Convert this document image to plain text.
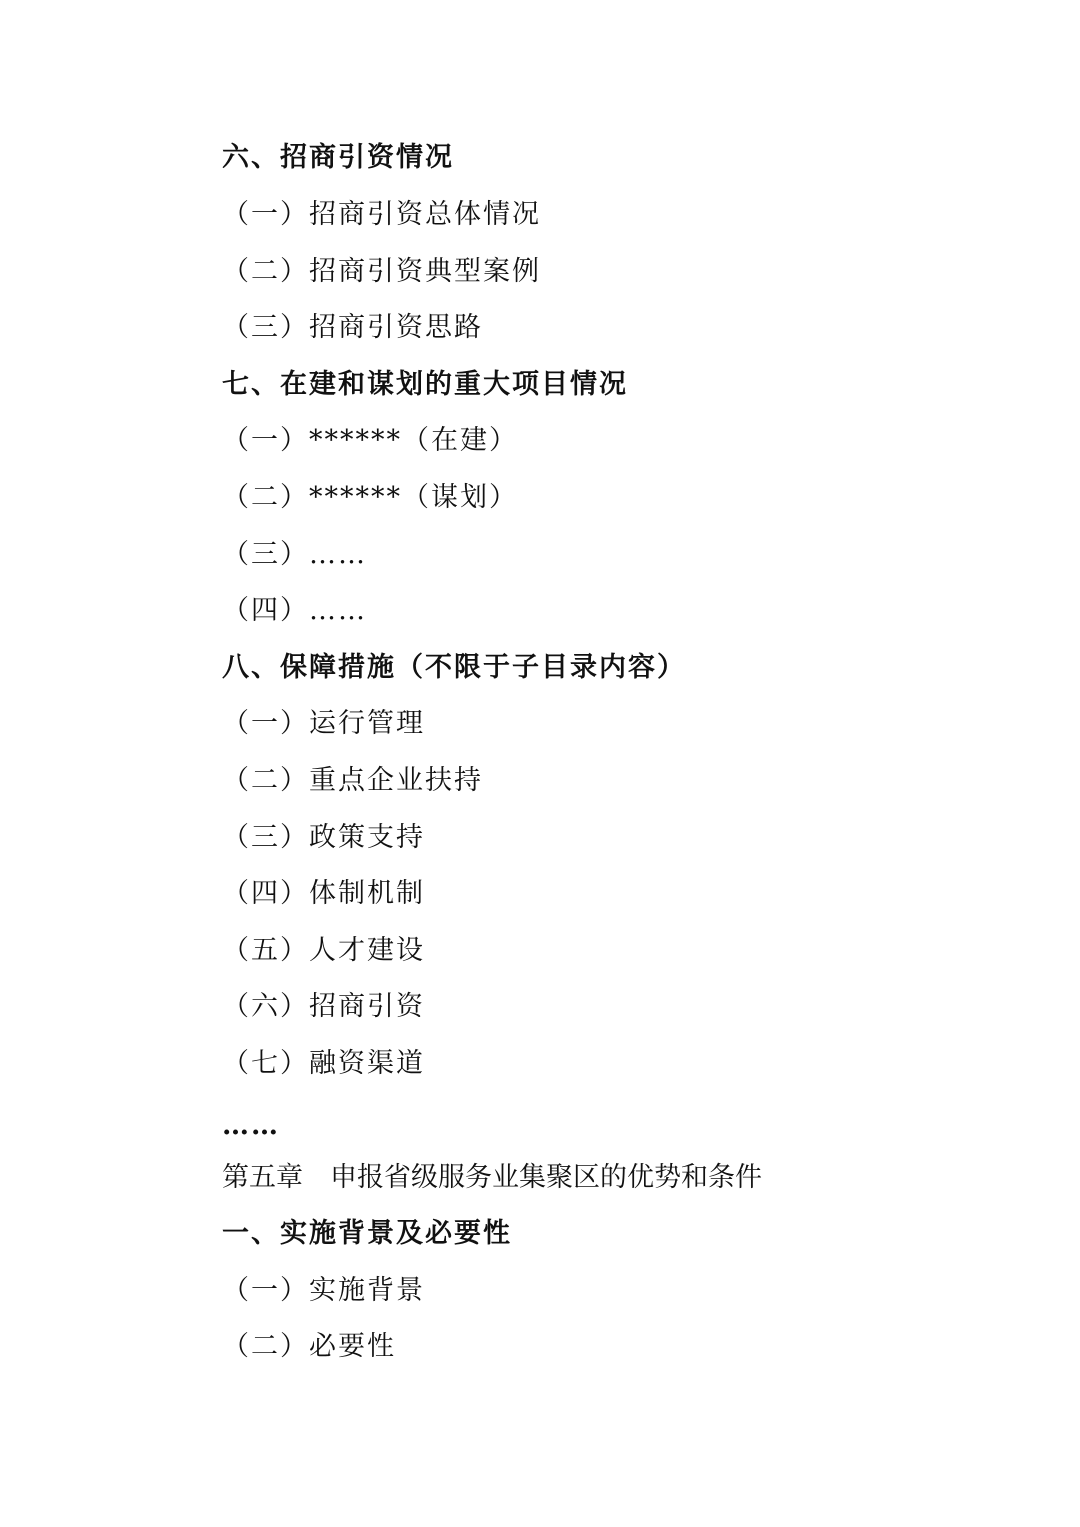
六、招商引资情况
（一）招商引资总体情况
（二）招商引资典型案例
（三）招商引资思路
七、在建和谋划的重大项目情况
（一）******（在建）
（二）******（谋划）
（三）……
（四）……
八、保障措施（不限于子目录内容）
（一）运行管理
（二）重点企业扶持
（三）政策支持
（四）体制机制
（五）人才建设
（六）招商引资
（七）融资渠道
……
第五章　申报省级服务业集聚区的优势和条件
一、实施背景及必要性
（一）实施背景
（二）必要性
